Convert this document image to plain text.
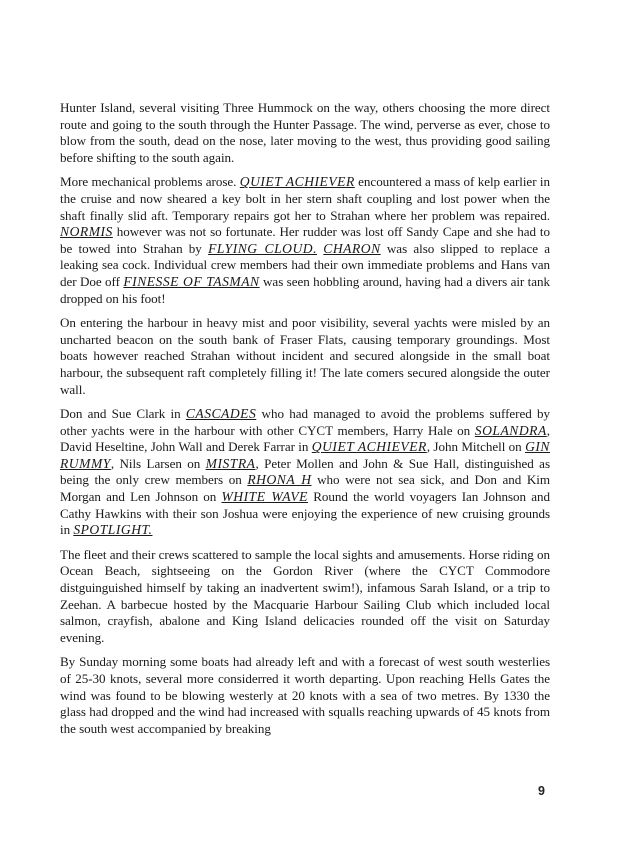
Hunter Island, several visiting Three Hummock on the way, others choosing the more direct route and going to the south through the Hunter Passage. The wind, perverse as ever, chose to blow from the south, dead on the nose, later moving to the west, thus providing good sailing before shifting to the south again.

More mechanical problems arose. QUIET ACHIEVER encountered a mass of kelp earlier in the cruise and now sheared a key bolt in her stern shaft coupling and lost power when the shaft finally slid aft. Temporary repairs got her to Strahan where her problem was repaired. NORMIS however was not so fortunate. Her rudder was lost off Sandy Cape and she had to be towed into Strahan by FLYING CLOUD. CHARON was also slipped to replace a leaking sea cock. Individual crew members had their own immediate problems and Hans van der Doe off FINESSE OF TASMAN was seen hobbling around, having had a divers air tank dropped on his foot!

On entering the harbour in heavy mist and poor visibility, several yachts were misled by an uncharted beacon on the south bank of Fraser Flats, causing temporary groundings. Most boats however reached Strahan without incident and secured alongside in the small boat harbour, the subsequent raft completely filling it! The late comers secured alongside the outer wall.

Don and Sue Clark in CASCADES who had managed to avoid the problems suffered by other yachts were in the harbour with other CYCT members, Harry Hale on SOLANDRA, David Heseltine, John Wall and Derek Farrar in QUIET ACHIEVER, John Mitchell on GIN RUMMY, Nils Larsen on MISTRA, Peter Mollen and John & Sue Hall, distinguished as being the only crew members on RHONA H who were not sea sick, and Don and Kim Morgan and Len Johnson on WHITE WAVE Round the world voyagers Ian Johnson and Cathy Hawkins with their son Joshua were enjoying the experience of new cruising grounds in SPOTLIGHT.

The fleet and their crews scattered to sample the local sights and amusements. Horse riding on Ocean Beach, sightseeing on the Gordon River (where the CYCT Commodore distguinguished himself by taking an inadvertent swim!), infamous Sarah Island, or a trip to Zeehan. A barbecue hosted by the Macquarie Harbour Sailing Club which included local salmon, crayfish, abalone and King Island delicacies rounded off the visit on Saturday evening.

By Sunday morning some boats had already left and with a forecast of west south westerlies of 25-30 knots, several more considerred it worth departing. Upon reaching Hells Gates the wind was found to be blowing westerly at 20 knots with a sea of two metres. By 1330 the glass had dropped and the wind had increased with squalls reaching upwards of 45 knots from the south west accompanied by breaking

9
